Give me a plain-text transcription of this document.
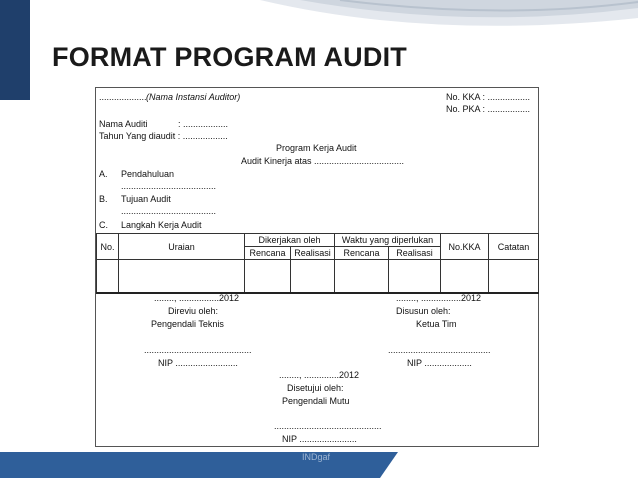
FORMAT PROGRAM AUDIT
................... (Nama Instansi Auditor)	No. KKA : .................
No. PKA : .................
Nama Auditi	: ..................
Tahun Yang diaudit : ..................
Program Kerja Audit
Audit Kinerja atas ....................................
A. Pendahuluan
......................................
B. Tujuan Audit
......................................
C. Langkah Kerja Audit
No.	Uraian	Dikerjakan oleh		Waktu yang diperlukan		No.KKA	Catatan
		Rencana	Realisasi	Rencana	Realisasi		

........, ................2012
Direviu oleh:
Pengendali Teknis
...........................................
NIP .........................
........, ................2012
Disusun oleh:
Ketua Tim
.........................................
NIP ...................
........, ..............2012
Disetujui oleh:
Pengendali Mutu
...........................................
NIP .......................
INDgaf
